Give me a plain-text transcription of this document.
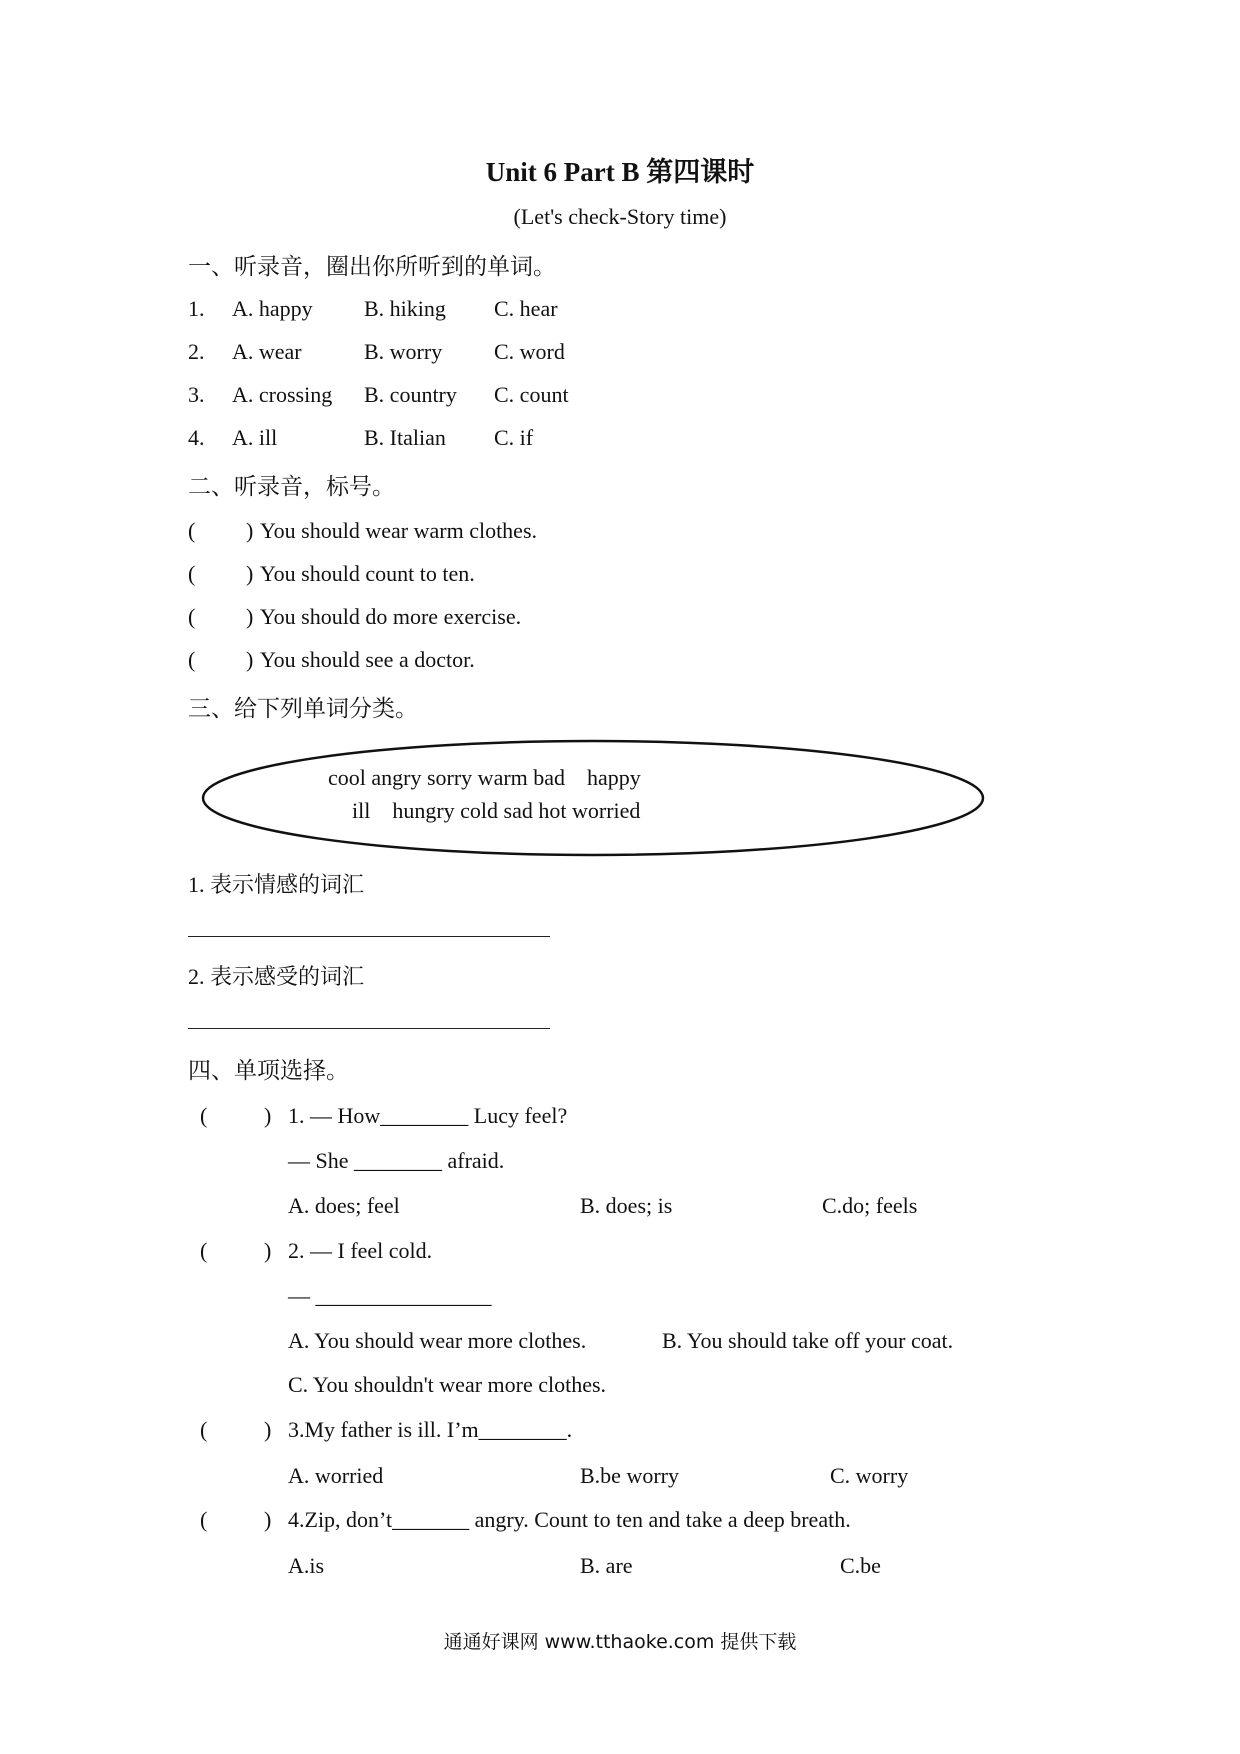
Unit 6 Part B 第四课时
(Let's check-Story time)
一、听录音，圈出你所听到的单词。
1. A. happy B. hiking C. hear
2. A. wear	B. worry C. word
3. A. crossing B. country C. count
4. A. ill	B. Italian C. if
二、听录音，标号。
( ) You should wear warm clothes.
( ) You should count to ten.
( ) You should do more exercise.
( ) You should see a doctor.
三、给下列单词分类。
cool angry sorry warm bad    happy
ill    hungry cold sad hot worried
1. 表示情感的词汇
2. 表示感受的词汇
四、单项选择。
(	) 1. — How________ Lucy feel?
— She ________ afraid.
A. does; feel	B. does; is	C.do; feels
(	) 2. — I feel cold.
— ________________
A. You should wear more clothes.	B. You should take off your coat.
C. You shouldn't wear more clothes.
(	) 3.My father is ill. I’m________.
A. worried	B.be worry	C. worry
(	) 4.Zip, don’t_______ angry. Count to ten and take a deep breath.
A.is	B. are	C.be
通通好课网 www.tthaoke.com 提供下载
